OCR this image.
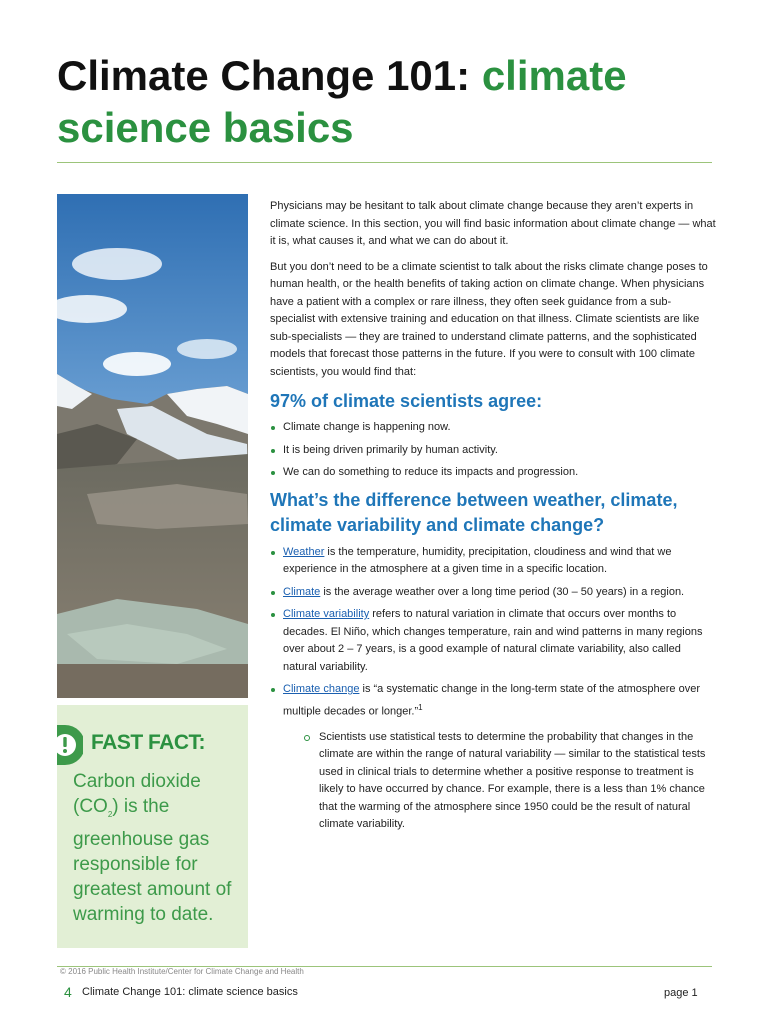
Climate Change 101: climate
science basics
FAST FACT:
Carbon dioxide $(CO_2)$ is the greenhouse gas responsible for greatest amount of warming to date.

Physicians may be hesitant to talk about climate change because they aren’t experts in climate science. In this section, you will find basic information about climate change — what it is, what causes it, and what we can do about it.

But you don’t need to be a climate scientist to talk about the risks climate change poses to human health, or the health benefits of taking action on climate change. When physicians have a patient with a complex or rare illness, they often seek guidance from a sub-specialist with extensive training and education on that illness. Climate scientists are like sub-specialists — they are trained to understand climate patterns, and the sophisticated models that forecast those patterns in the future. If you were to consult with 100 climate scientists, you would find that:

97% of climate scientists agree:
Climate change is happening now.
It is being driven primarily by human activity.
We can do something to reduce its impacts and progression.
What’s the difference between weather, climate, climate variability and climate change?
Weather is the temperature, humidity, precipitation, cloudiness and wind that we experience in the atmosphere at a given time in a specific location.
Climate is the average weather over a long time period (30 – 50 years) in a region.
Climate variability refers to natural variation in climate that occurs over months to decades. El Niño, which changes temperature, rain and wind patterns in many regions over about 2 – 7 years, is a good example of natural climate variability, also called natural variability.
Climate change is “a systematic change in the long-term state of the atmosphere over multiple decades or longer.”$^1$
Scientists use statistical tests to determine the probability that changes in the climate are within the range of natural variability — similar to the statistical tests used in clinical trials to determine whether a positive response to treatment is likely to have occurred by chance. For example, there is a less than 1% chance that the warming of the atmosphere since 1950 could be the result of natural climate variability.
© 2016 Public Health Institute/Center for Climate Change and Health
4 Climate Change 101: climate science basics	page 1
